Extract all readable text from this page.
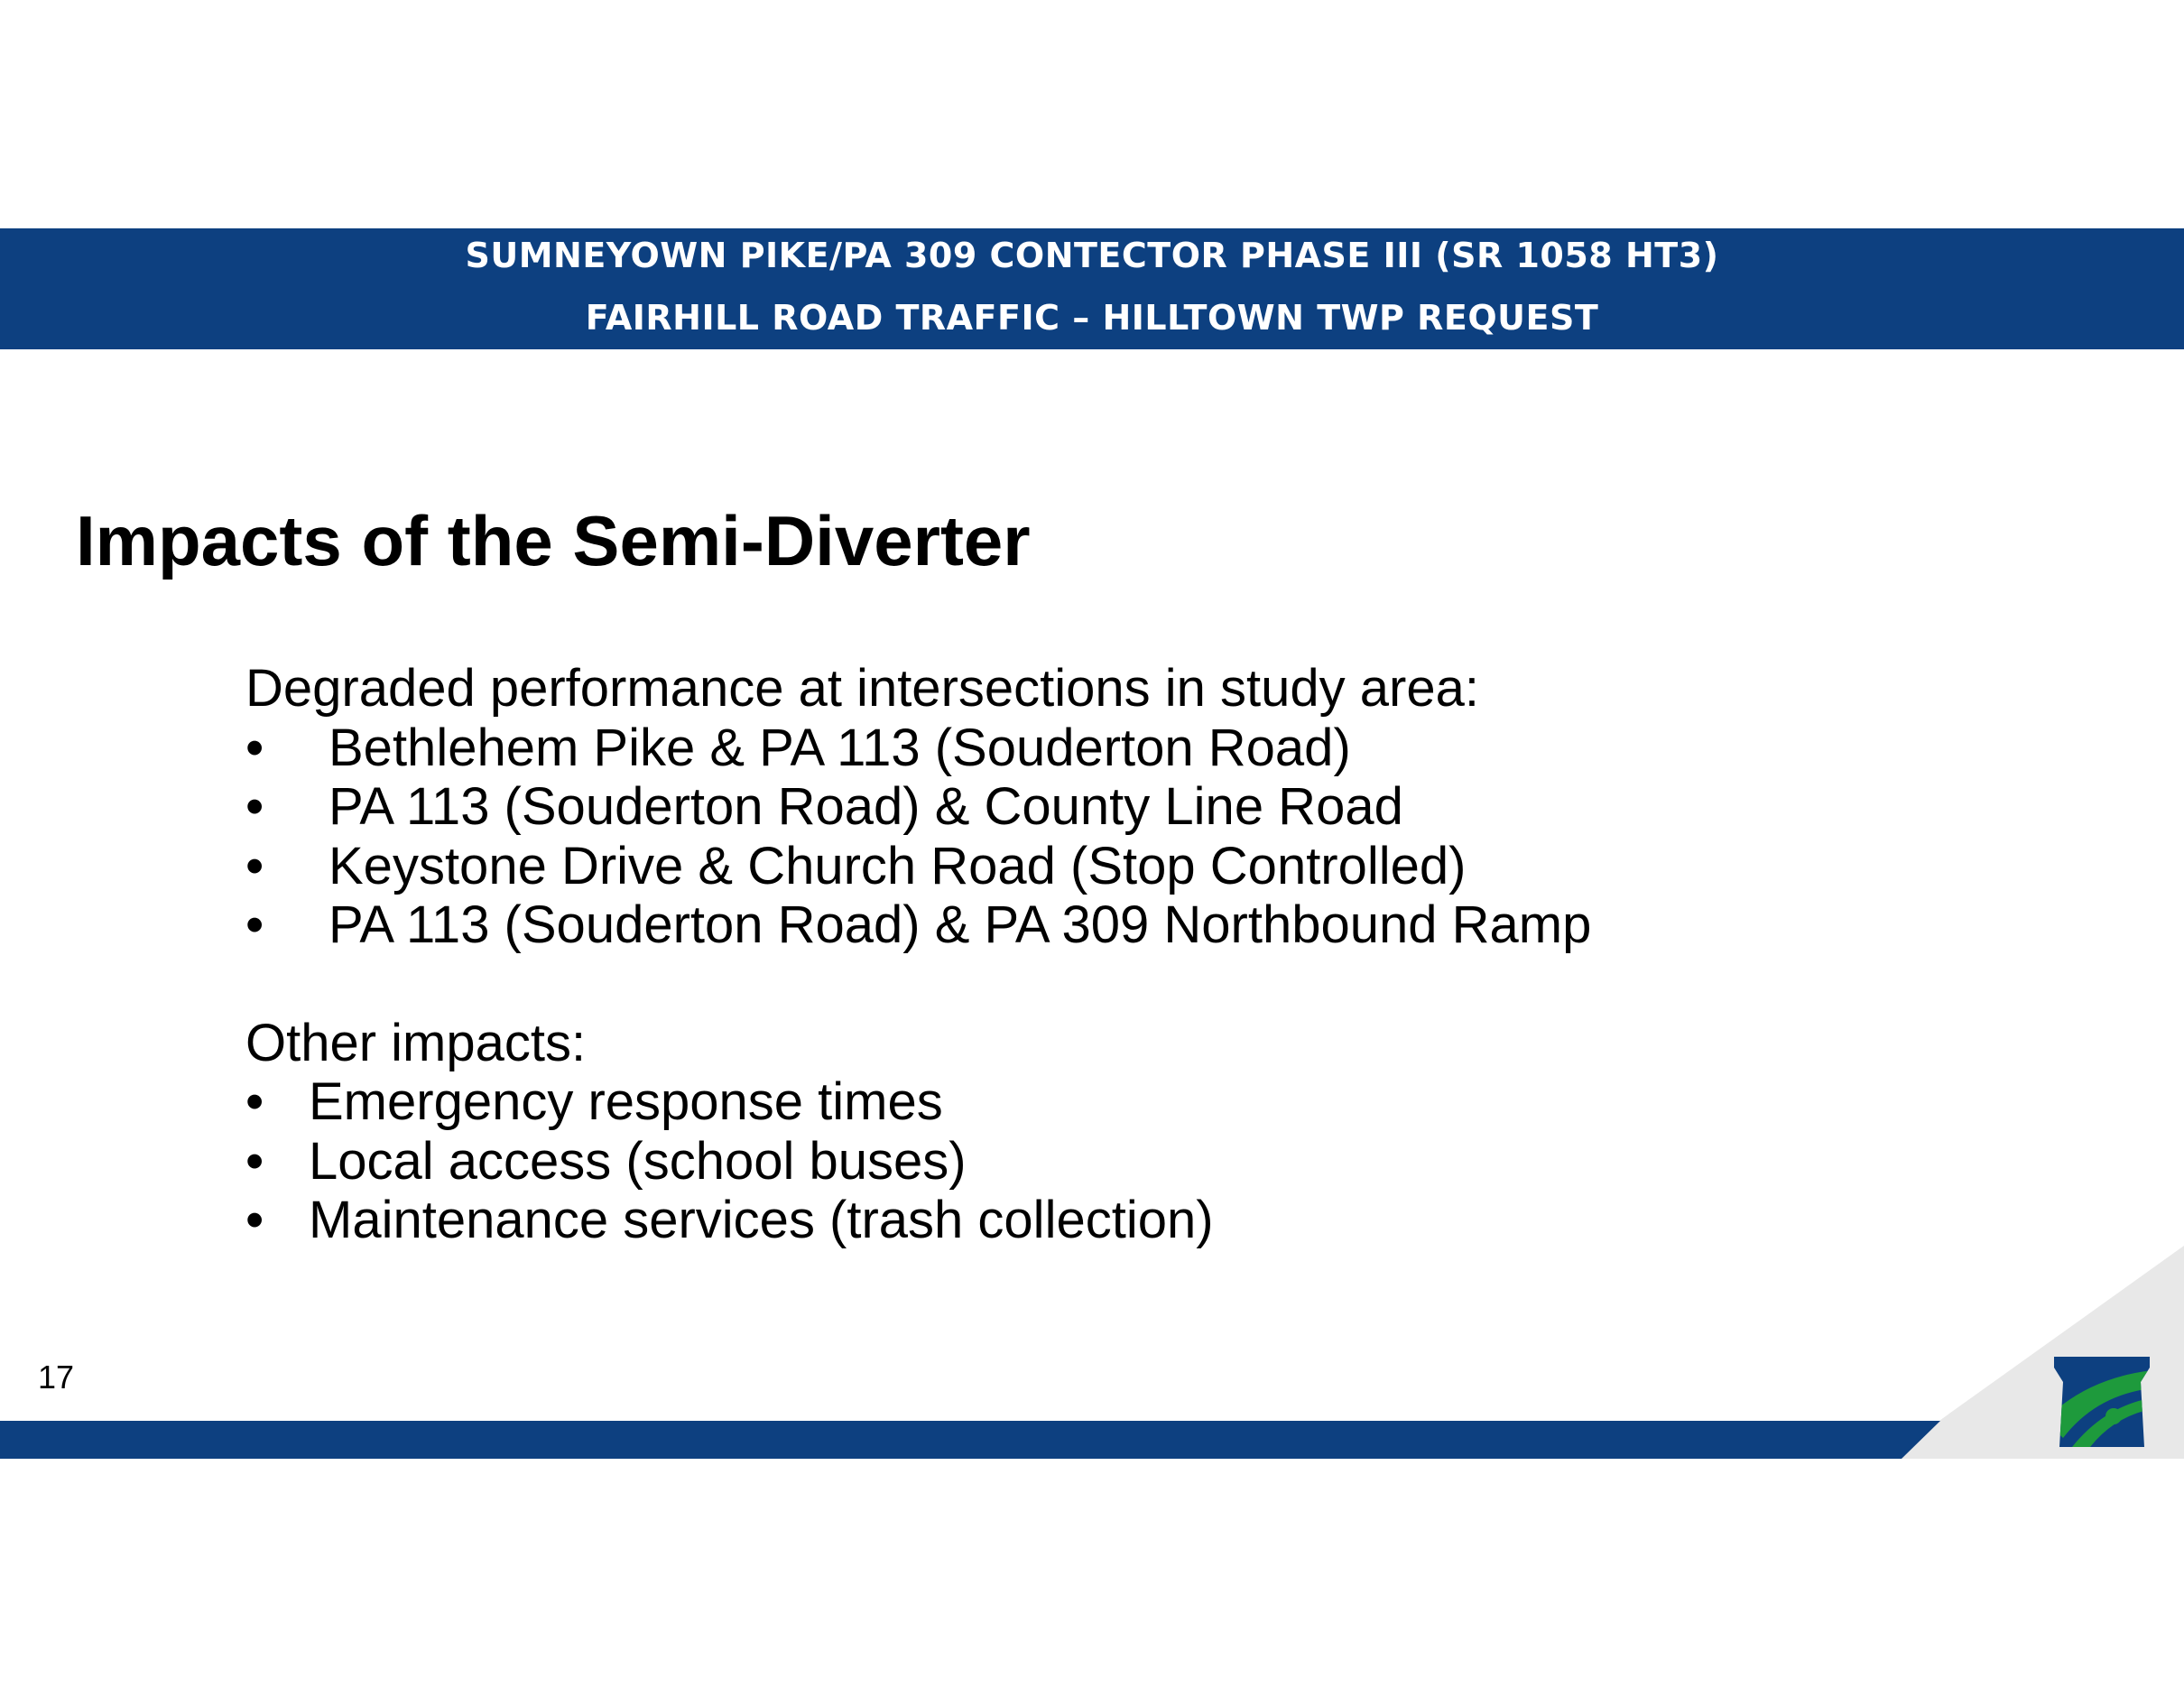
SUMNEYOWN PIKE/PA 309 CONTECTOR PHASE III (SR 1058 HT3)
FAIRHILL ROAD TRAFFIC – HILLTOWN TWP REQUEST
Impacts of the Semi-Diverter
Degraded performance at intersections in study area:
• Bethlehem Pike & PA 113 (Souderton Road)
• PA 113 (Souderton Road) & County Line Road
• Keystone Drive & Church Road (Stop Controlled)
• PA 113 (Souderton Road) & PA 309 Northbound Ramp
Other impacts:
• Emergency response times
• Local access (school buses)
• Maintenance services (trash collection)
17
